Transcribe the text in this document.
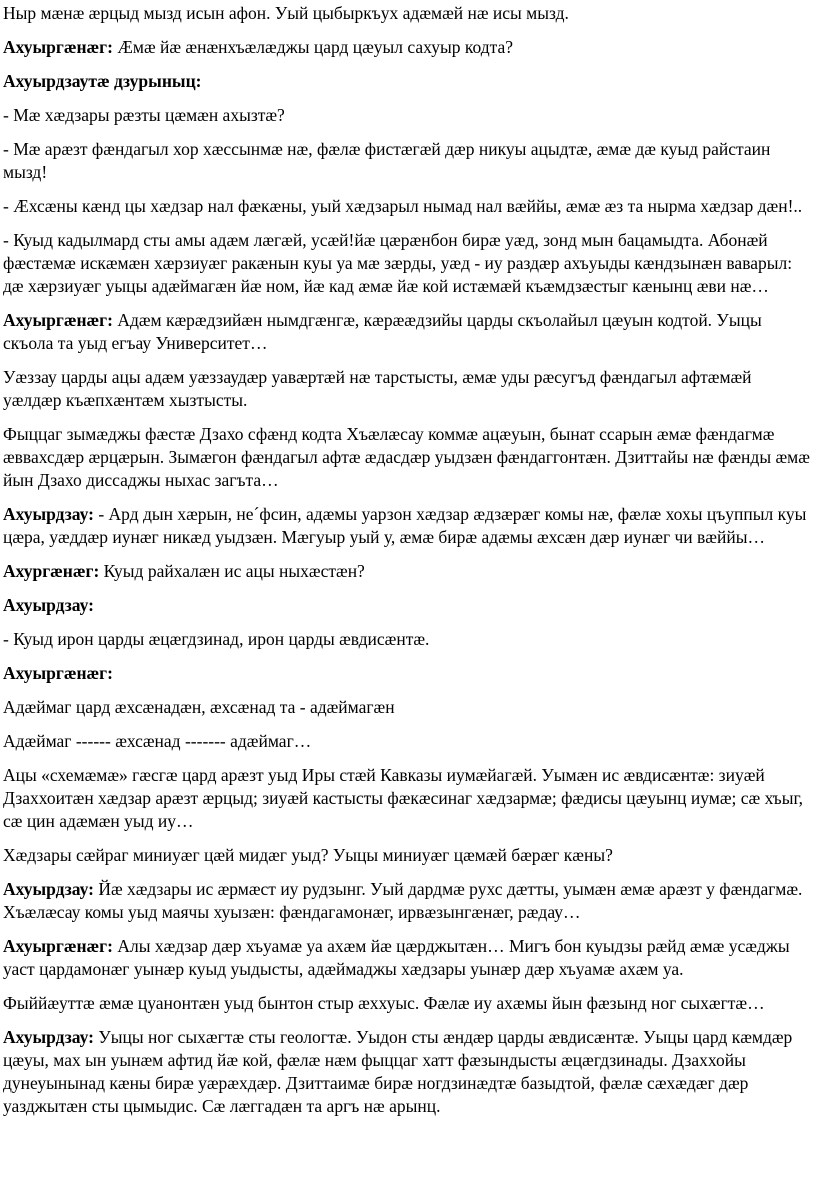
Ныр мæнæ æрцыд мызд исын афон. Уый цыбыркъух адæмæй нæ исы мызд.

Ахуыргæнæг: Æмæ йæ æнæнхъæлæджы цард цæуыл сахуыр кодта?

Ахуырдзаутæ дзурыныц:

- Мæ хæдзары рæзты цæмæн ахызтæ?

- Мæ арæзт фæндагыл хор хæссынмæ нæ, фæлæ фистæгæй дæр никуы ацыдтæ, æмæ дæ куыд райстаин мызд!

- Æхсæны кæнд цы хæдзар нал фæкæны, уый хæдзарыл нымад нал вæййы, æмæ æз та нырма хæдзар дæн!..

- Куыд кадылмард сты амы адæм лæгæй, усæй!йæ цæрæнбон бирæ уæд, зонд мын бацамыдта. Абонæй фæстæмæ искæмæн хæрзиуæг ракæнын куы уа мæ зæрды, уæд - иу раздæр ахъуыды кæндзынæн ваварыл: дæ хæрзиуæг уыцы адæймагæн йæ ном, йæ кад æмæ йæ кой истæмæй къæмдзæстыг кæнынц æви нæ…

Ахуыргæнæг: Адæм кæрæдзийæн нымдгæнгæ, кæрææдзийы царды скъолайыл цæуын кодтой. Уыцы скъола та уыд егъау Университет…

Уæззау царды ацы адæм уæззаудæр уавæртæй нæ тарстысты, æмæ уды рæсугъд фæндагыл афтæмæй уæлдæр къæпхæнтæм хызтысты.

Фыццаг зымæджы фæстæ Дзахо сфæнд кодта Хъæлæсау коммæ ацæуын, бынат ссарын æмæ фæндагмæ æввахсдæр æрцæрын. Зымæгон фæндагыл афтæ æдасдæр уыдзæн фæндаггонтæн. Дзиттайы нæ фæнды æмæ йын Дзахо диссаджы ныхас загъта…

Ахуырдзау: - Ард дын хæрын, не´фсин, адæмы уарзон хæдзар æдзæрæг комы нæ, фæлæ хохы цъуппыл куы цæра, уæддæр иунæг никæд уыдзæн. Мæгуыр уый у, æмæ бирæ адæмы æхсæн дæр иунæг чи вæййы…

Ахургæнæг: Куыд райхалæн ис ацы ныхæстæн?

Ахуырдзау:

- Куыд ирон царды æцæгдзинад, ирон царды æвдисæнтæ.

Ахуыргæнæг:

Адæймаг цард æхсæнадæн, æхсæнад та - адæймагæн

Адæймаг ------ æхсæнад ------- адæймаг…

Ацы «схемæмæ» гæсгæ цард арæзт уыд Иры стæй Кавказы иумæйагæй. Уымæн ис æвдисæнтæ: зиуæй Дзаххоитæн хæдзар арæзт æрцыд; зиуæй кастысты фæкæсинаг хæдзармæ; фæдисы цæуынц иумæ; сæ хъыг, сæ цин адæмæн уыд иу…

Хæдзары сæйраг миниуæг цæй мидæг уыд? Уыцы миниуæг цæмæй бæрæг кæны?

Ахуырдзау: Йæ хæдзары ис æрмæст иу рудзынг. Уый дардмæ рухс дæтты, уымæн æмæ арæзт у фæндагмæ. Хъæлæсау комы уыд маячы хуызæн: фæндагамонæг, ирвæзынгæнæг, рæдау…

Ахуыргæнæг: Алы хæдзар дæр хъуамæ уа ахæм йæ цæрджытæн… Мигъ бон куыдзы рæйд æмæ усæджы уаст цардамонæг уынæр куыд уыдысты, адæймаджы хæдзары уынæр дæр хъуамæ ахæм уа.

Фыййæуттæ æмæ цуанонтæн уыд бынтон стыр æххуыс. Фæлæ иу ахæмы йын фæзынд ног сыхæгтæ…

Ахуырдзау: Уыцы ног сыхæгтæ сты геологтæ. Уыдон сты æндæр царды æвдисæнтæ. Уыцы цард кæмдæр цæуы, мах ын уынæм афтид йæ кой, фæлæ нæм фыццаг хатт фæзындысты æцæгдзинады. Дзаххойы дунеуынынад кæны бирæ уæрæхдæр. Дзиттаимæ бирæ ногдзинæдтæ базыдтой, фæлæ сæхæдæг дæр уазджытæн сты цымыдис. Сæ лæггадæн та аргъ нæ арынц.
